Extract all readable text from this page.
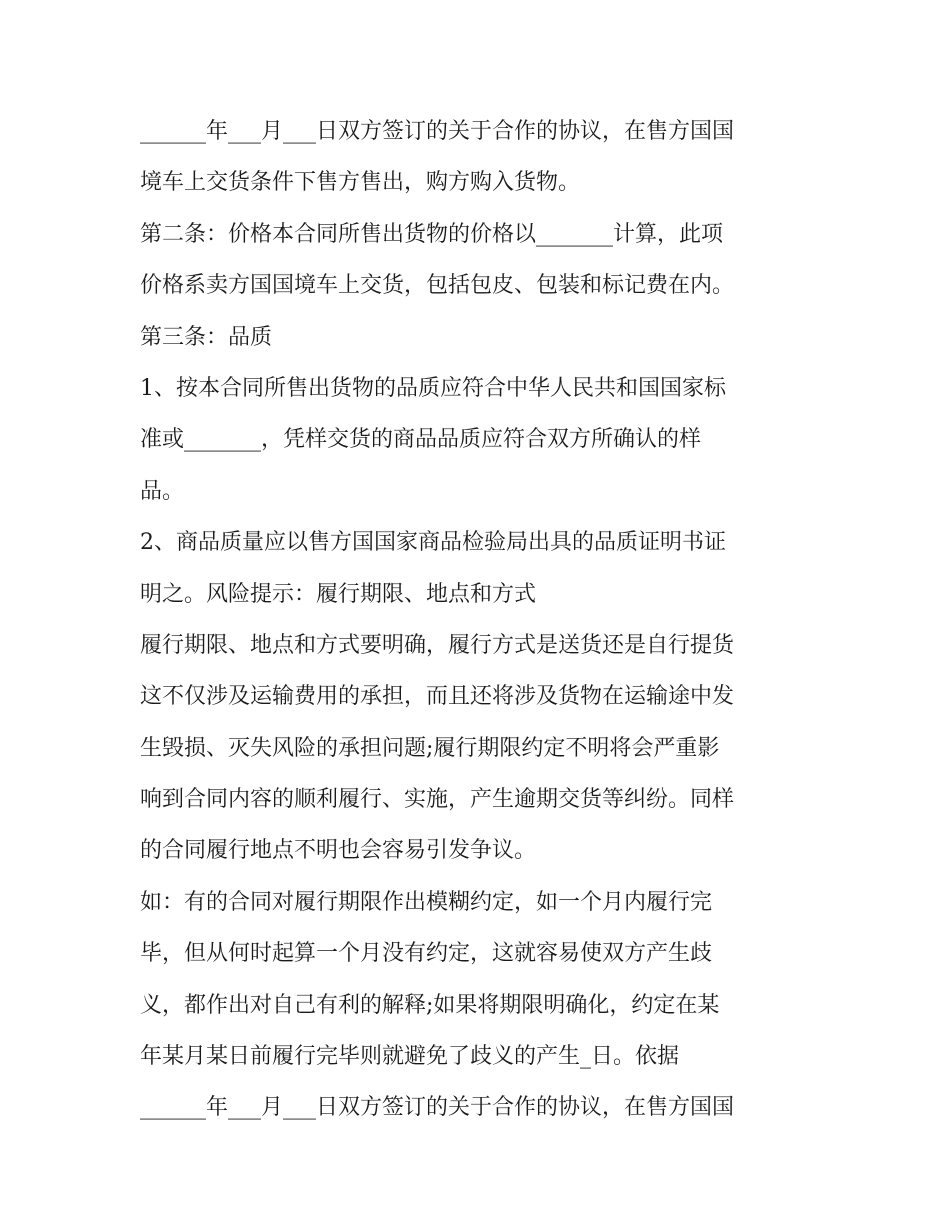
______年___月___日双方签订的关于合作的协议，在售方国国
境车上交货条件下售方售出，购方购入货物。
第二条：价格本合同所售出货物的价格以_______计算，此项
价格系卖方国国境车上交货，包括包皮、包装和标记费在内。
第三条：品质
1、按本合同所售出货物的品质应符合中华人民共和国国家标
准或_______，凭样交货的商品品质应符合双方所确认的样
品。
2、商品质量应以售方国国家商品检验局出具的品质证明书证
明之。风险提示：履行期限、地点和方式
履行期限、地点和方式要明确，履行方式是送货还是自行提货
这不仅涉及运输费用的承担，而且还将涉及货物在运输途中发
生毁损、灭失风险的承担问题;履行期限约定不明将会严重影
响到合同内容的顺利履行、实施，产生逾期交货等纠纷。同样
的合同履行地点不明也会容易引发争议。
如：有的合同对履行期限作出模糊约定，如一个月内履行完
毕，但从何时起算一个月没有约定，这就容易使双方产生歧
义，都作出对自己有利的解释;如果将期限明确化，约定在某
年某月某日前履行完毕则就避免了歧义的产生_日。依据
______年___月___日双方签订的关于合作的协议，在售方国国
